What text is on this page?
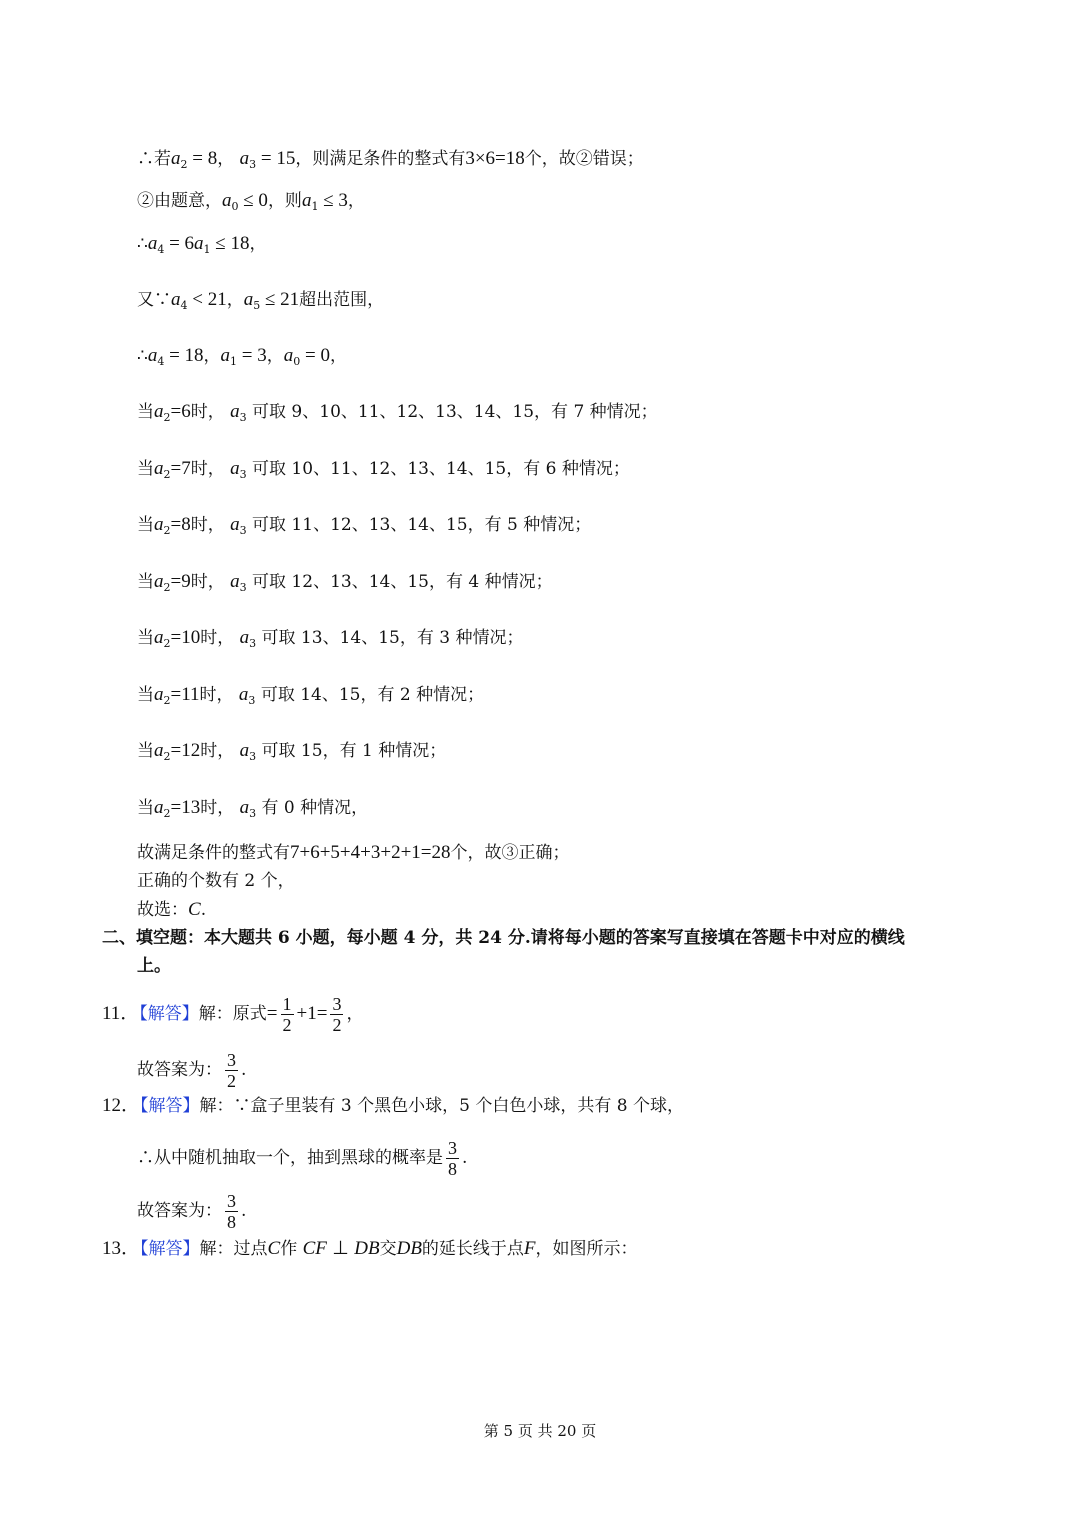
∴若$a_2 = 8$， $a_3 = 15$，则满足条件的整式有3×6=18个，故②错误；
②由题意，$a_0 \le 0$，则$a_1 \le 3$，
$\therefore a_4 = 6a_1 \le 18$，
又$\because a_4 < 21$，$a_5 \le 21$超出范围，
$\therefore a_4 = 18$，$a_1 = 3$，$a_0 = 0$，
当$a_2=6$时， $a_3$ 可取 9、10、11、12、13、14、15，有 7 种情况；
当$a_2=7$时， $a_3$ 可取 10、11、12、13、14、15，有 6 种情况；
当$a_2=8$时， $a_3$ 可取 11、12、13、14、15，有 5 种情况；
当$a_2=9$时， $a_3$ 可取 12、13、14、15，有 4 种情况；
当$a_2=10$时， $a_3$ 可取 13、14、15，有 3 种情况；
当$a_2=11$时， $a_3$ 可取 14、15，有 2 种情况；
当$a_2=12$时， $a_3$ 可取 15，有 1 种情况；
当$a_2=13$时， $a_3$ 有 0 种情况，
故满足条件的整式有7+6+5+4+3+2+1=28个，故③正确；
正确的个数有 2 个，
故选：C.
二、填空题：本大题共 6 小题，每小题 4 分，共 24 分.请将每小题的答案写直接填在答题卡中对应的横线
上。
11．【解答】解：原式= $\frac{1}{2} +1= \frac{3}{2}$ ，
故答案为： $\frac{3}{2}$ .
12．【解答】解：∵盒子里装有 3 个黑色小球，5 个白色小球，共有 8 个球，
∴从中随机抽取一个，抽到黑球的概率是 $\frac{3}{8}$ .
故答案为： $\frac{3}{8}$ .
13．【解答】解：过点C作 CF ⊥ DB交DB的延长线于点F，如图所示：
第 5 页 共 20 页
